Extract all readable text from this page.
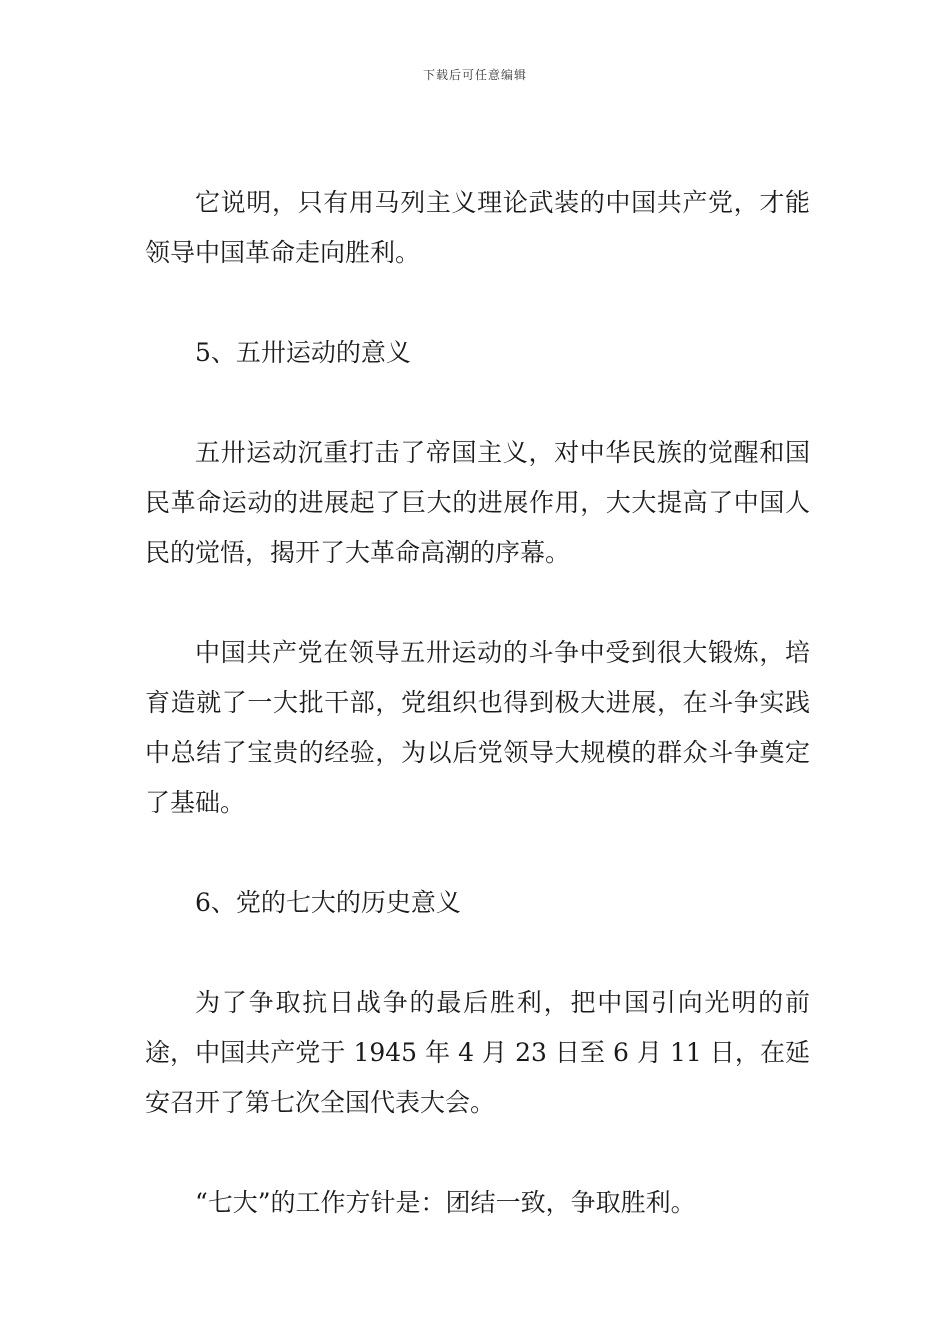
下载后可任意编辑

它说明，只有用马列主义理论武装的中国共产党，才能领导中国革命走向胜利。

5、五卅运动的意义

五卅运动沉重打击了帝国主义，对中华民族的觉醒和国民革命运动的进展起了巨大的进展作用，大大提高了中国人民的觉悟，揭开了大革命高潮的序幕。

中国共产党在领导五卅运动的斗争中受到很大锻炼，培育造就了一大批干部，党组织也得到极大进展，在斗争实践中总结了宝贵的经验，为以后党领导大规模的群众斗争奠定了基础。

6、党的七大的历史意义

为了争取抗日战争的最后胜利，把中国引向光明的前途，中国共产党于 1945 年 4 月 23 日至 6 月 11 日，在延安召开了第七次全国代表大会。

“七大”的工作方针是：团结一致，争取胜利。
